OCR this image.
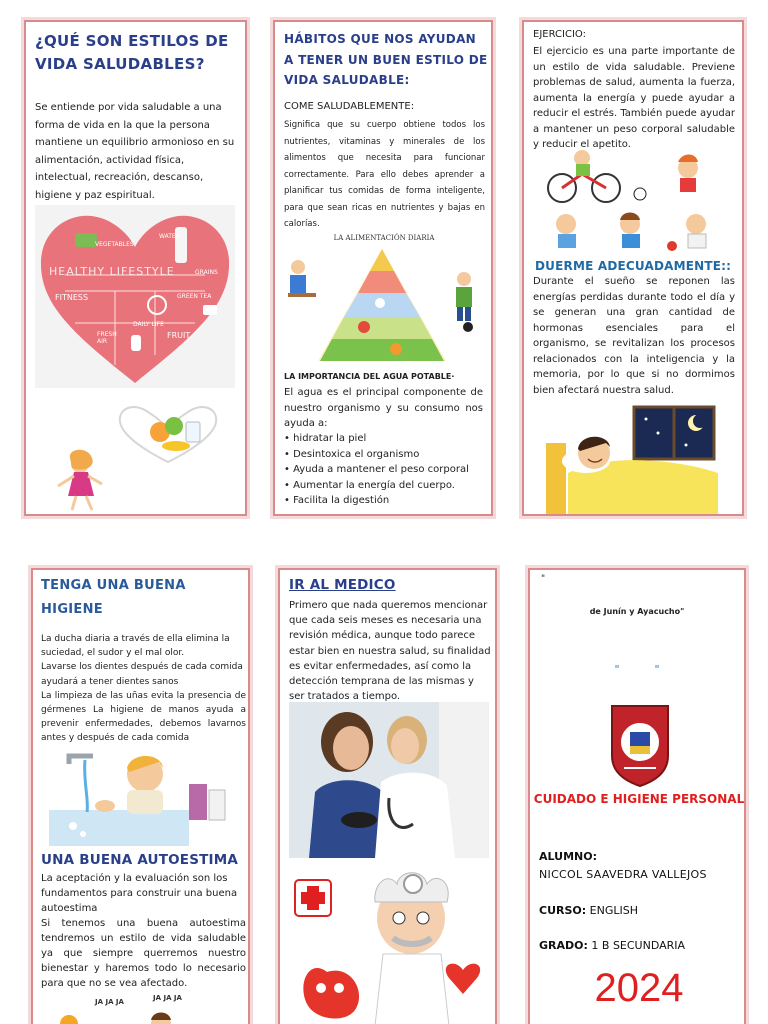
¿QUÉ SON ESTILOS DE VIDA SALUDABLES?
Se entiende por vida saludable a una forma de vida en la que la persona mantiene un equilibrio armonioso en su alimentación, actividad física, intelectual, recreación, descanso, higiene y paz espiritual.
VEGETABLES
WATER
HEALTHY LIFESTYLE	GRAINS
FITNESS	GREEN TEA
DAILY LIFE
FRESH AIR
FRUIT
HÁBITOS QUE NOS AYUDAN A TENER UN BUEN ESTILO DE VIDA SALUDABLE:
COME SALUDABLEMENTE:
Significa que su cuerpo obtiene todos los nutrientes, vitaminas y minerales de los alimentos que necesita para funcionar correctamente. Para ello debes aprender a planificar tus comidas de forma inteligente, para que sean ricas en nutrientes y bajas en calorías.
LA ALIMENTACIÓN DIARIA
LA IMPORTANCIA DEL AGUA POTABLE·
El agua es el principal componente de nuestro organismo y su consumo nos ayuda a:
• hidratar la piel
• Desintoxica el organismo
• Ayuda a mantener el peso corporal
• Aumentar la energía del cuerpo.
• Facilita la digestión
EJERCICIO:
El ejercicio es una parte importante de un estilo de vida saludable. Previene problemas de salud, aumenta la fuerza, aumenta la energía y puede ayudar a reducir el estrés. También puede ayudar a mantener un peso corporal saludable y reducir el apetito.
DUERME ADECUADAMENTE::
Durante el sueño se reponen las energías perdidas durante todo el día y se generan una gran cantidad de hormonas esenciales para el organismo, se revitalizan los procesos relacionados con la inteligencia y la memoria, por lo que si no dormimos bien afectará nuestra salud.
TENGA UNA BUENA HIGIENE
La ducha diaria a través de ella elimina la suciedad, el sudor y el mal olor.
Lavarse los dientes después de cada comida ayudará a tener dientes sanos
La limpieza de las uñas evita la presencia de gérmenes La higiene de manos ayuda a prevenir enfermedades, debemos lavarnos antes y después de cada comida
UNA BUENA AUTOESTIMA
La aceptación y la evaluación son los fundamentos para construir una buena autoestima
Si tenemos una buena autoestima tendremos un estilo de vida saludable ya que siempre querremos nuestro bienestar y haremos todo lo necesario para que no se vea afectado.
JA JA JA	JA JA JA
IR AL MEDICO
Primero que nada queremos mencionar que cada seis meses es necesaria una revisión médica, aunque todo parece estar bien en nuestra salud, su finalidad es evitar enfermedades, así como la detección temprana de las mismas y ser tratados a tiempo.
"
de Junín y Ayacucho"
"          "
CUIDADO E HIGIENE PERSONAL
ALUMNO:
NICCOL SAAVEDRA VALLEJOS
CURSO: ENGLISH
GRADO: 1 B SECUNDARIA
2024
